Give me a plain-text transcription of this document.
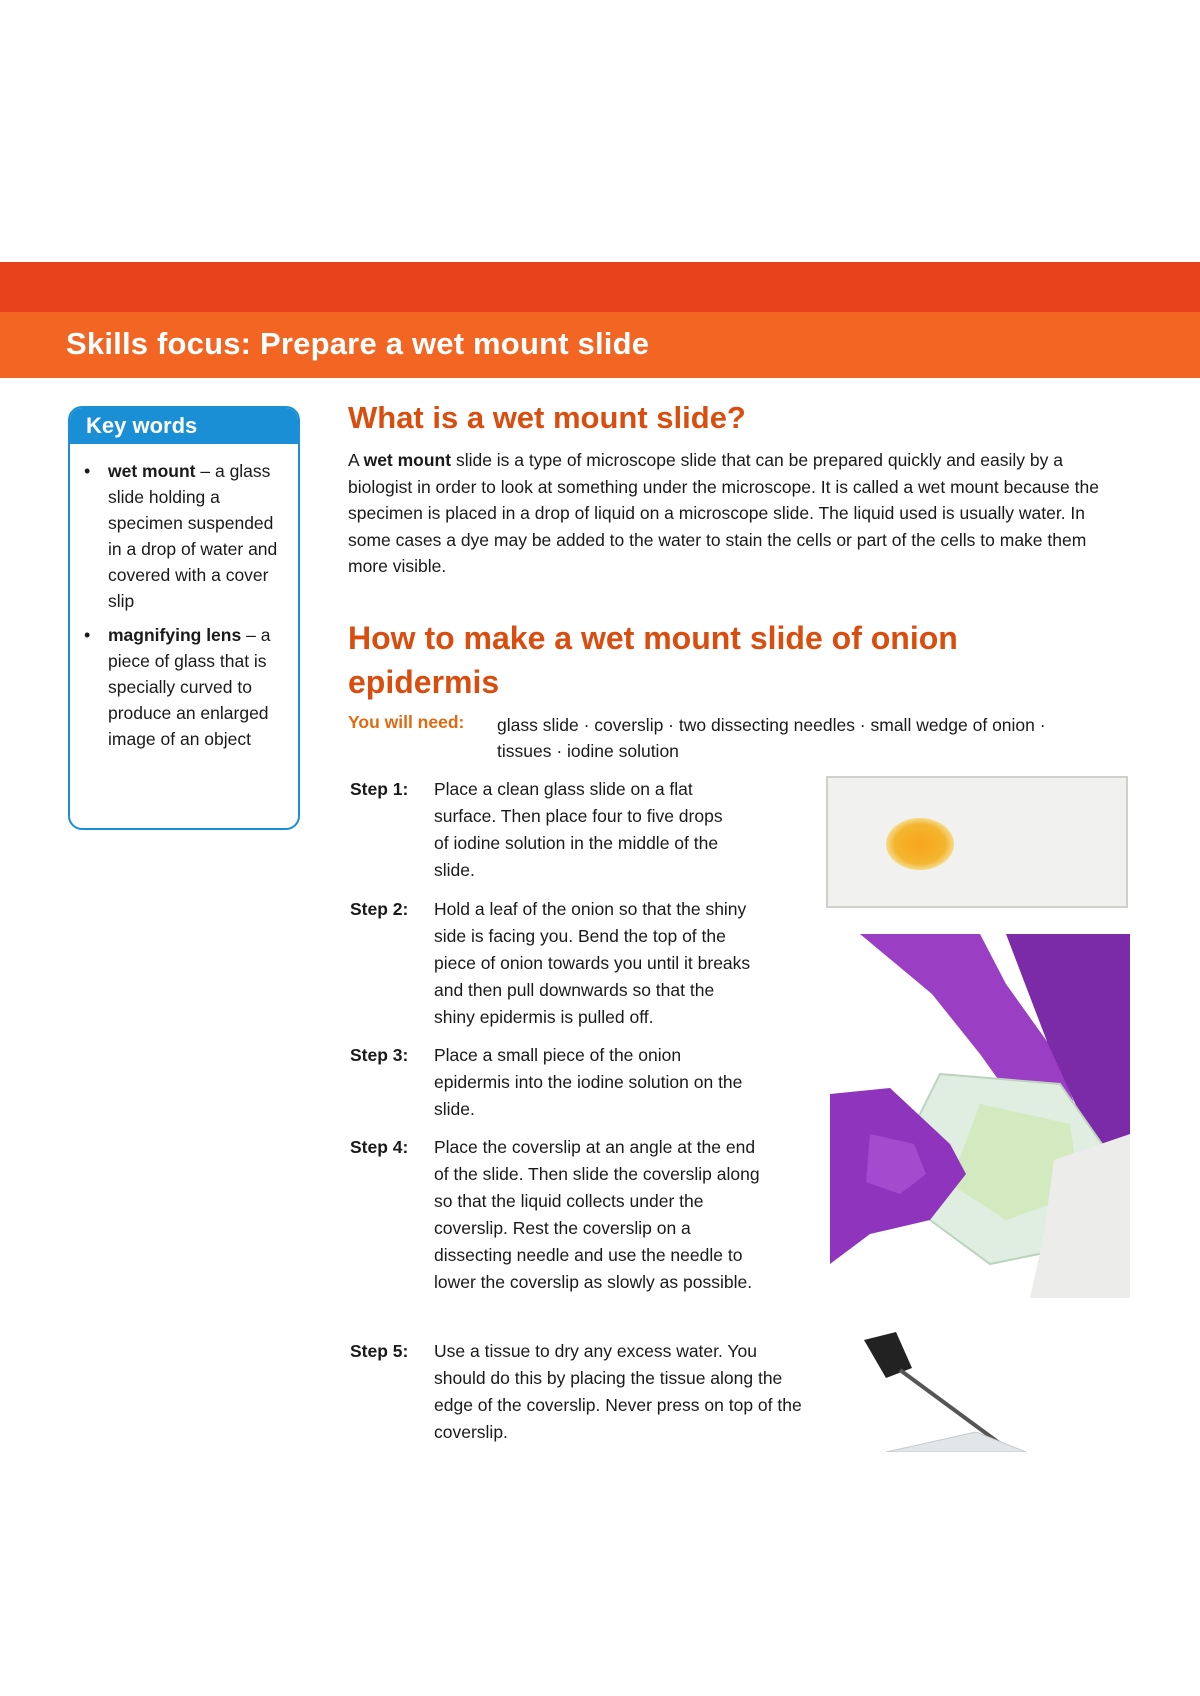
Skills focus: Prepare a wet mount slide
Key words
• wet mount – a glass slide holding a specimen suspended in a drop of water and covered with a cover slip
• magnifying lens – a piece of glass that is specially curved to produce an enlarged image of an object
What is a wet mount slide?

A wet mount slide is a type of microscope slide that can be prepared quickly and easily by a biologist in order to look at something under the microscope. It is called a wet mount because the specimen is placed in a drop of liquid on a microscope slide. The liquid used is usually water. In some cases a dye may be added to the water to stain the cells or part of the cells to make them more visible.

How to make a wet mount slide of onion epidermis
You will need: glass slide · coverslip · two dissecting needles · small wedge of onion · tissues · iodine solution
Step 1: Place a clean glass slide on a flat surface. Then place four to five drops of iodine solution in the middle of the slide.
Step 2: Hold a leaf of the onion so that the shiny side is facing you. Bend the top of the piece of onion towards you until it breaks and then pull downwards so that the shiny epidermis is pulled off.
Step 3: Place a small piece of the onion epidermis into the iodine solution on the slide.
Step 4: Place the coverslip at an angle at the end of the slide. Then slide the coverslip along so that the liquid collects under the coverslip. Rest the coverslip on a dissecting needle and use the needle to lower the coverslip as slowly as possible.
Step 5: Use a tissue to dry any excess water. You should do this by placing the tissue along the edge of the coverslip. Never press on top of the coverslip.
